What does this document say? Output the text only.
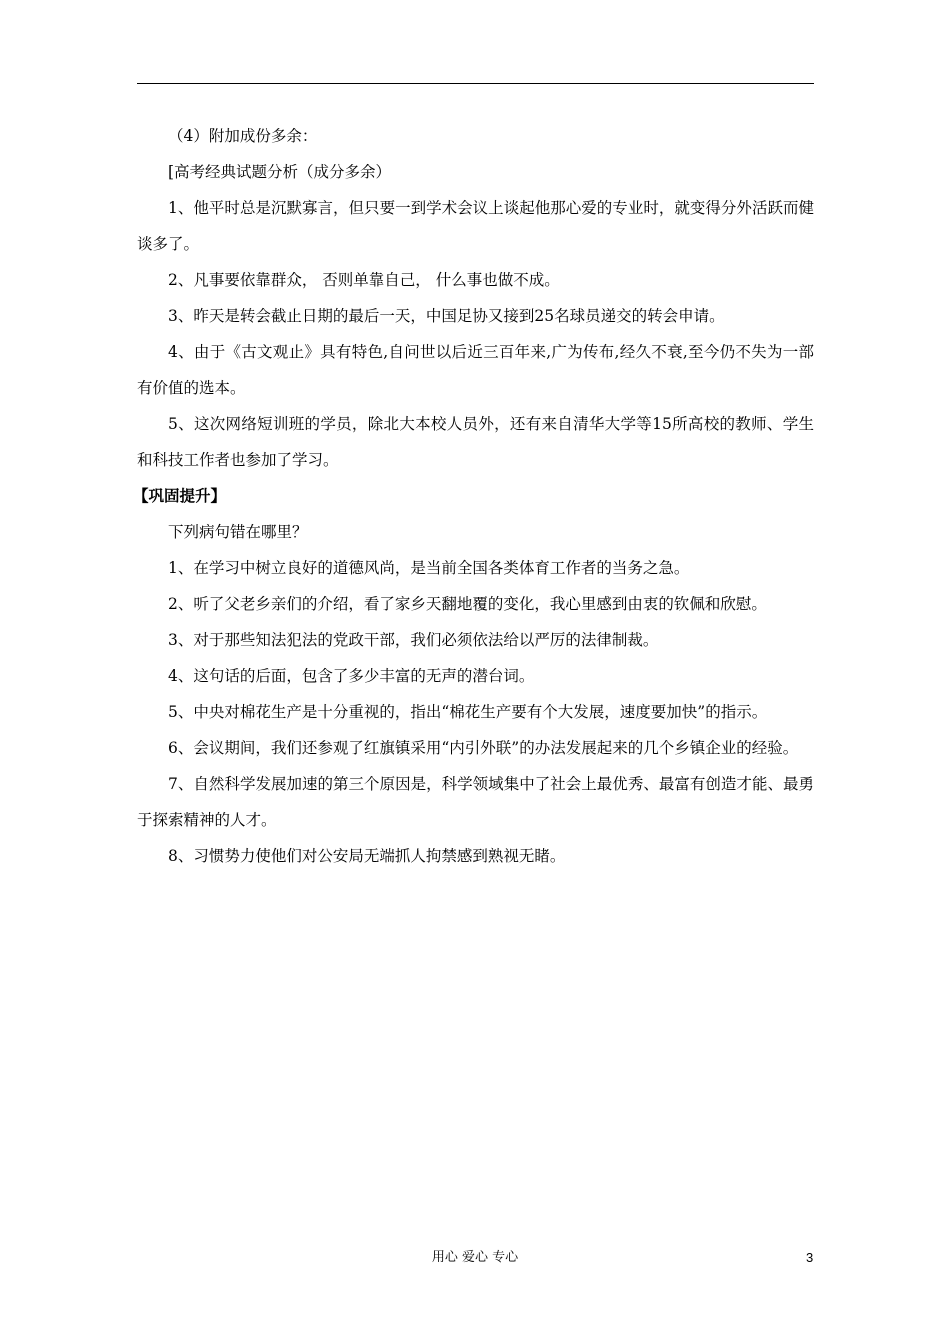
（4）附加成份多余：

[高考经典试题分析（成分多余）

1、他平时总是沉默寡言，但只要一到学术会议上谈起他那心爱的专业时，就变得分外活跃而健谈多了。

2、凡事要依靠群众， 否则单靠自己， 什么事也做不成。

3、昨天是转会截止日期的最后一天，中国足协又接到25名球员递交的转会申请。

4、由于《古文观止》具有特色,自问世以后近三百年来,广为传布,经久不衰,至今仍不失为一部有价值的选本。

5、这次网络短训班的学员，除北大本校人员外，还有来自清华大学等15所高校的教师、学生和科技工作者也参加了学习。

【巩固提升】

下列病句错在哪里？

1、在学习中树立良好的道德风尚，是当前全国各类体育工作者的当务之急。

2、听了父老乡亲们的介绍，看了家乡天翻地覆的变化，我心里感到由衷的钦佩和欣慰。

3、对于那些知法犯法的党政干部，我们必须依法给以严厉的法律制裁。

4、这句话的后面，包含了多少丰富的无声的潜台词。

5、中央对棉花生产是十分重视的，指出“棉花生产要有个大发展，速度要加快”的指示。

6、会议期间，我们还参观了红旗镇采用“内引外联”的办法发展起来的几个乡镇企业的经验。

7、自然科学发展加速的第三个原因是，科学领域集中了社会上最优秀、最富有创造才能、最勇于探索精神的人才。

8、习惯势力使他们对公安局无端抓人拘禁感到熟视无睹。

用心 爱心 专心	3
